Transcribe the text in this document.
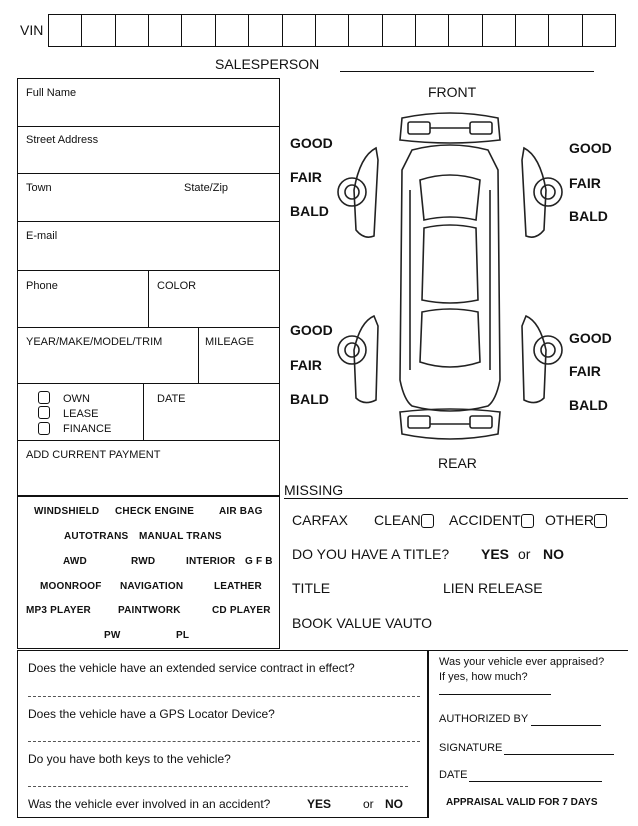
VIN
SALESPERSON
Full Name
Street Address
Town	State/Zip
E-mail
Phone	COLOR
YEAR/MAKE/MODEL/TRIM	MILEAGE
OWN
LEASE
FINANCE
DATE
ADD CURRENT PAYMENT
FRONT
REAR
GOOD
FAIR
BALD
GOOD
FAIR
BALD
GOOD
FAIR
BALD
GOOD
FAIR
BALD
MISSING
WINDSHIELD CHECK ENGINE AIR BAG
AUTOTRANS MANUAL TRANS
AWD	RWD	INTERIOR G F B
MOONROOF NAVIGATION	LEATHER
MP3 PLAYER	PAINTWORK	CD PLAYER
PW	PL
CARFAX CLEAN ACCIDENT OTHER
DO YOU HAVE A TITLE? YES or NO
TITLE	LIEN RELEASE
BOOK VALUE VAUTO
Does the vehicle have an extended service contract in effect?
Does the vehicle have a GPS Locator Device?
Do you have both keys to the vehicle?
Was the vehicle ever involved in an accident?	YES	or NO
Was your vehicle ever appraised?
If yes, how much?
AUTHORIZED BY
SIGNATURE
DATE
APPRAISAL VALID FOR 7 DAYS
